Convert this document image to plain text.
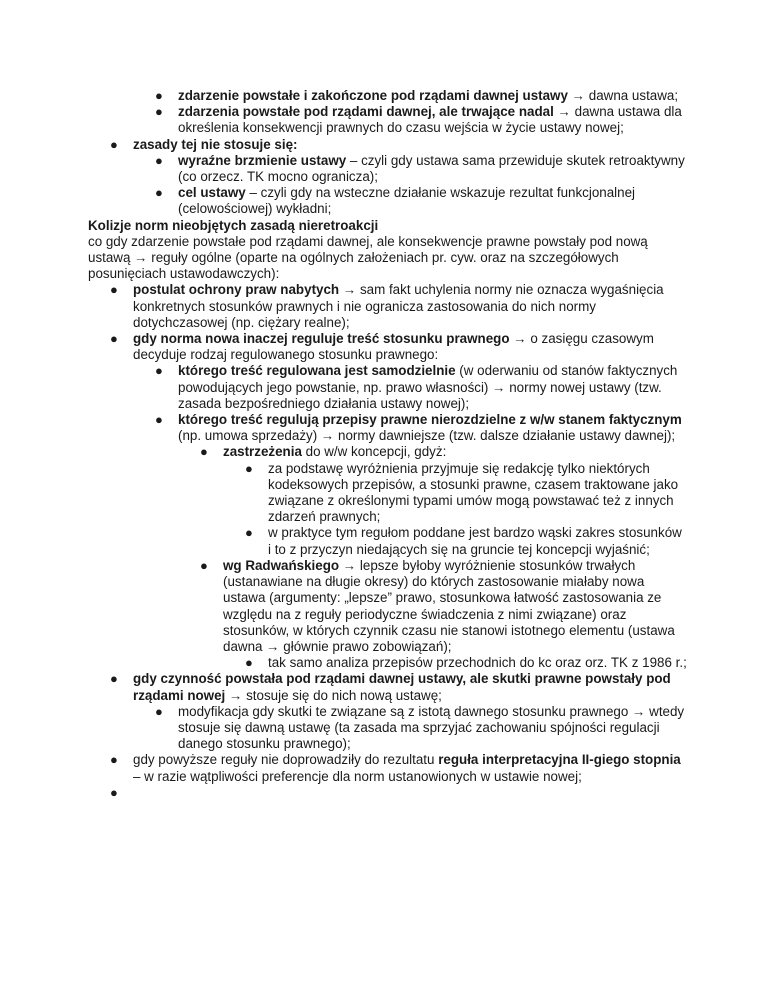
● zdarzenie powstałe i zakończone pod rządami dawnej ustawy → dawna ustawa;
● zdarzenia powstałe pod rządami dawnej, ale trwające nadal → dawna ustawa dla określenia konsekwencji prawnych do czasu wejścia w życie ustawy nowej;
● zasady tej nie stosuje się:
● wyraźne brzmienie ustawy – czyli gdy ustawa sama przewiduje skutek retroaktywny (co orzecz. TK mocno ogranicza);
● cel ustawy – czyli gdy na wsteczne działanie wskazuje rezultat funkcjonalnej (celowościowej) wykładni;
Kolizje norm nieobjętych zasadą nieretroakcji
co gdy zdarzenie powstałe pod rządami dawnej, ale konsekwencje prawne powstały pod nową ustawą → reguły ogólne (oparte na ogólnych założeniach pr. cyw. oraz na szczegółowych posunięciach ustawodawczych):
● postulat ochrony praw nabytych → sam fakt uchylenia normy nie oznacza wygaśnięcia konkretnych stosunków prawnych i nie ogranicza zastosowania do nich normy dotychczasowej (np. ciężary realne);
● gdy norma nowa inaczej reguluje treść stosunku prawnego → o zasięgu czasowym decyduje rodzaj regulowanego stosunku prawnego:
● którego treść regulowana jest samodzielnie (w oderwaniu od stanów faktycznych powodujących jego powstanie, np. prawo własności) → normy nowej ustawy (tzw. zasada bezpośredniego działania ustawy nowej);
● którego treść regulują przepisy prawne nierozdzielne z w/w stanem faktycznym (np. umowa sprzedaży) → normy dawniejsze (tzw. dalsze działanie ustawy dawnej);
● zastrzeżenia do w/w koncepcji, gdyż:
● za podstawę wyróżnienia przyjmuje się redakcję tylko niektórych kodeksowych przepisów, a stosunki prawne, czasem traktowane jako związane z określonymi typami umów mogą powstawać też z innych zdarzeń prawnych;
● w praktyce tym regułom poddane jest bardzo wąski zakres stosunków i to z przyczyn niedających się na gruncie tej koncepcji wyjaśnić;
● wg Radwańskiego → lepsze byłoby wyróżnienie stosunków trwałych (ustanawiane na długie okresy) do których zastosowanie miałaby nowa ustawa (argumenty: „lepsze” prawo, stosunkowa łatwość zastosowania ze względu na z reguły periodyczne świadczenia z nimi związane) oraz stosunków, w których czynnik czasu nie stanowi istotnego elementu (ustawa dawna → głównie prawo zobowiązań);
● tak samo analiza przepisów przechodnich do kc oraz orz. TK z 1986 r.;
● gdy czynność powstała pod rządami dawnej ustawy, ale skutki prawne powstały pod rządami nowej → stosuje się do nich nową ustawę;
● modyfikacja gdy skutki te związane są z istotą dawnego stosunku prawnego → wtedy stosuje się dawną ustawę (ta zasada ma sprzyjać zachowaniu spójności regulacji danego stosunku prawnego);
● gdy powyższe reguły nie doprowadziły do rezultatu reguła interpretacyjna II-giego stopnia – w razie wątpliwości preferencje dla norm ustanowionych w ustawie nowej;
●
